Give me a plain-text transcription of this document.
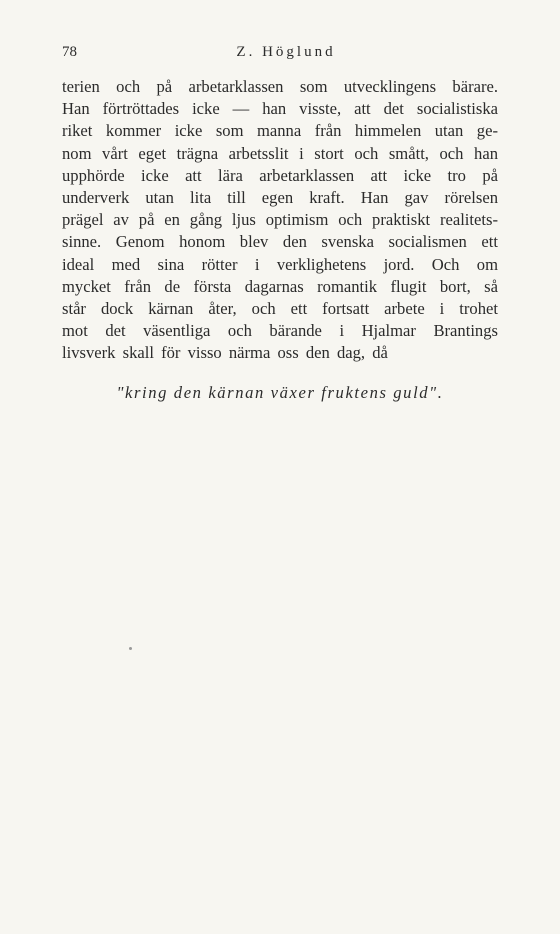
78	Z. Höglund
terien och på arbetarklassen som utvecklingens bärare.
Han förtröttades icke — han visste, att det socialistiska
riket kommer icke som manna från himmelen utan ge-
nom vårt eget trägna arbetsslit i stort och smått, och han
upphörde icke att lära arbetarklassen att icke tro på
underverk utan lita till egen kraft. Han gav rörelsen
prägel av på en gång ljus optimism och praktiskt realitets-
sinne. Genom honom blev den svenska socialismen ett
ideal med sina rötter i verklighetens jord. Och om
mycket från de första dagarnas romantik flugit bort, så
står dock kärnan åter, och ett fortsatt arbete i trohet
mot det väsentliga och bärande i Hjalmar Brantings
livsverk skall för visso närma oss den dag, då
"kring den kärnan växer fruktens guld".
